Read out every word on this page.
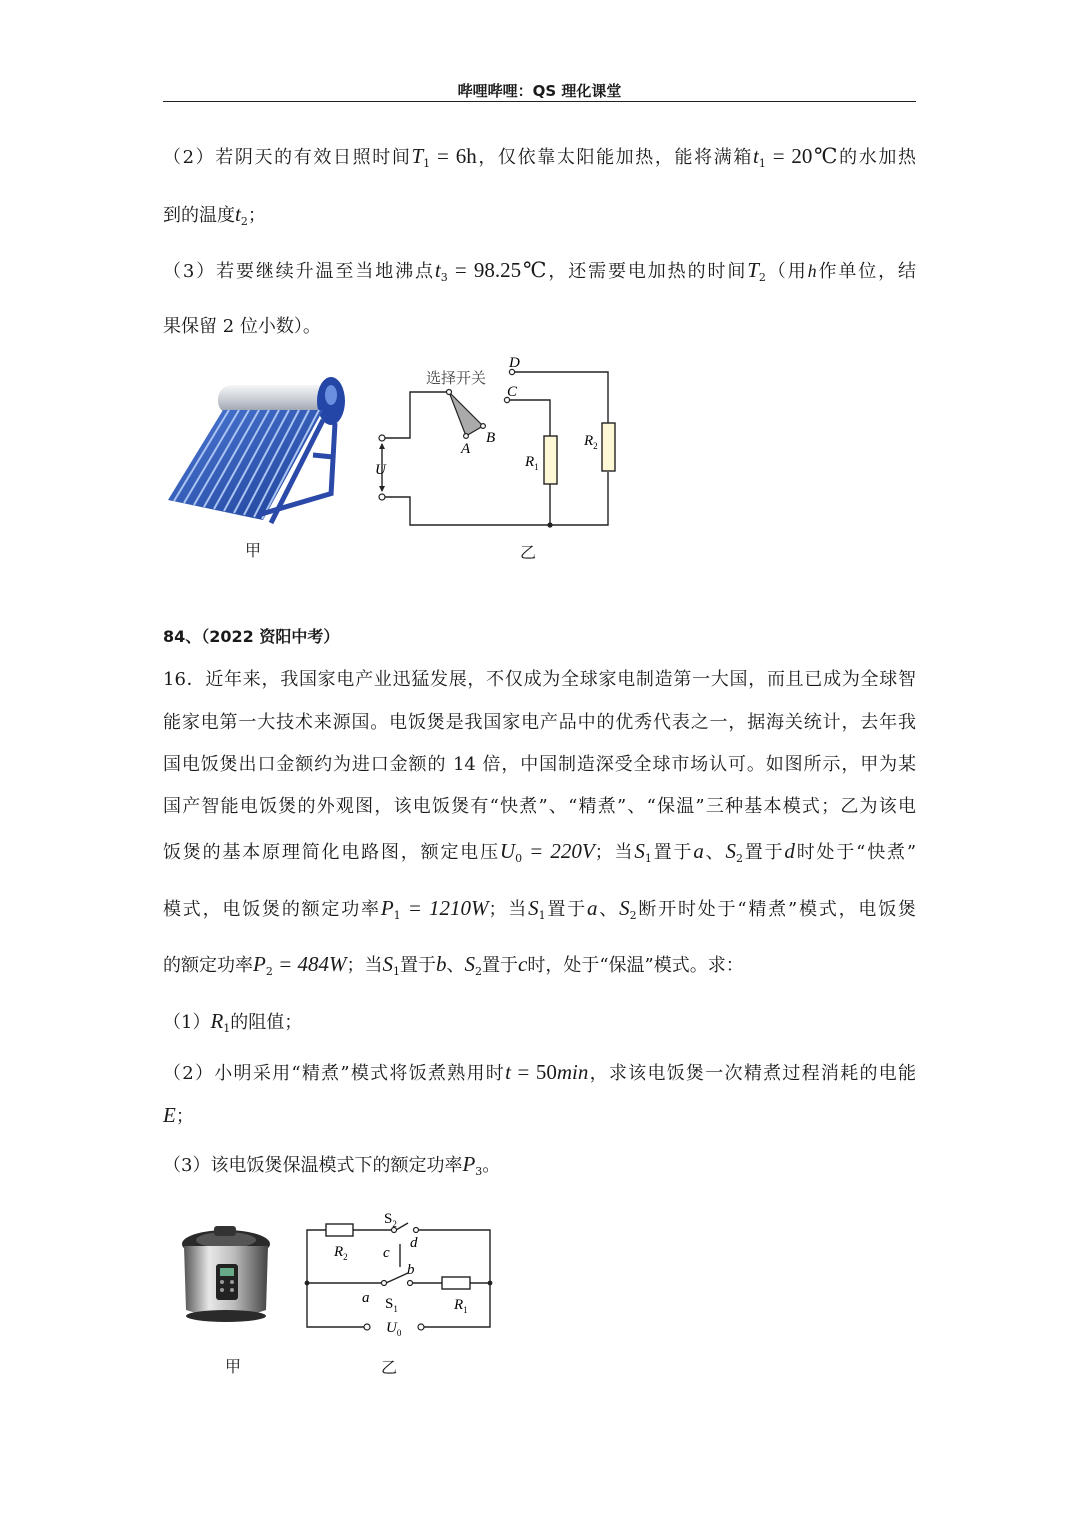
哔哩哔哩：QS 理化课堂
（2）若阴天的有效日照时间$T_1 = 6h$，仅依靠太阳能加热，能将满箱$t_1$ = 20℃的水加热
到的温度$t_2$；
（3）若要继续升温至当地沸点$t_3$ = 98.25℃，还需要电加热的时间$T_2$（用h作单位，结
果保留 2 位小数）。
甲
选择开关
D
C
B
A
U	$R_1$
$R_2$
乙
84、（2022 资阳中考）
16．近年来，我国家电产业迅猛发展，不仅成为全球家电制造第一大国，而且已成为全球智
能家电第一大技术来源国。电饭煲是我国家电产品中的优秀代表之一，据海关统计，去年我
国电饭煲出口金额约为进口金额的 14 倍，中国制造深受全球市场认可。如图所示，甲为某
国产智能电饭煲的外观图，该电饭煲有“快煮”、“精煮”、“保温”三种基本模式；乙为该电
饭煲的基本原理简化电路图，额定电压$U_0 = 220V$；当$S_1$置于a、$S_2$置于d时处于“快煮”
模式，电饭煲的额定功率$P_1 = 1210W$；当$S_1$置于a、$S_2$断开时处于“精煮”模式，电饭煲
的额定功率$P_2 = 484W$；当$S_1$置于b、$S_2$置于c时，处于“保温”模式。求：
$(1)R_1$的阻值；
（2）小明采用“精煮”模式将饭煮熟用时t = 50min，求该电饭煲一次精煮过程消耗的电能
E；
（3）该电饭煲保温模式下的额定功率$P_3$。
甲
$S_2$
$R_2$ c
d
b
a $S_1$	$R_1$
$U_0$
乙
